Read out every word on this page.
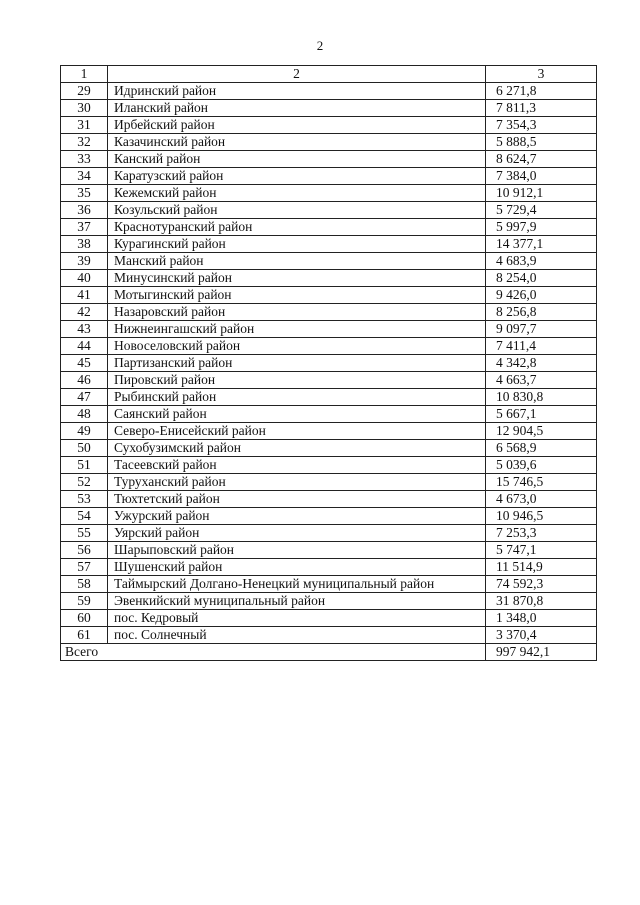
2
1	2	3
29	Идринский район	6 271,8
30	Иланский район	7 811,3
31	Ирбейский район	7 354,3
32	Казачинский район	5 888,5
33	Канский район	8 624,7
34	Каратузский район	7 384,0
35	Кежемский район	10 912,1
36	Козульский район	5 729,4
37	Краснотуранский район	5 997,9
38	Курагинский район	14 377,1
39	Манский район	4 683,9
40	Минусинский район	8 254,0
41	Мотыгинский район	9 426,0
42	Назаровский район	8 256,8
43	Нижнеингашский район	9 097,7
44	Новоселовский район	7 411,4
45	Партизанский район	4 342,8
46	Пировский район	4 663,7
47	Рыбинский район	10 830,8
48	Саянский район	5 667,1
49	Северо-Енисейский район	12 904,5
50	Сухобузимский район	6 568,9
51	Тасеевский район	5 039,6
52	Туруханский район	15 746,5
53	Тюхтетский район	4 673,0
54	Ужурский район	10 946,5
55	Уярский район	7 253,3
56	Шарыповский район	5 747,1
57	Шушенский район	11 514,9
58	Таймырский Долгано-Ненецкий муниципальный район	74 592,3
59	Эвенкийский муниципальный район	31 870,8
60	пос. Кедровый	1 348,0
61	пос. Солнечный	3 370,4
Всего		997 942,1
